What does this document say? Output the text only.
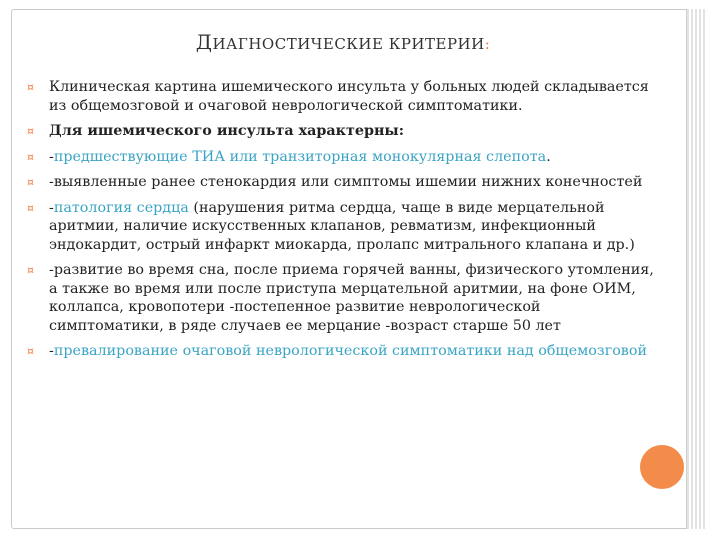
ДИАГНОСТИЧЕСКИЕ КРИТЕРИИ:
¤ Клиническая картина ишемического инсульта у больных людей складывается из общемозговой и очаговой неврологической симптоматики.
¤ Для ишемического инсульта характерны:
¤ -предшествующие ТИА или транзиторная монокулярная слепота.
¤ -выявленные ранее стенокардия или симптомы ишемии нижних конечностей
¤ -патология сердца (нарушения ритма сердца, чаще в виде мерцательной аритмии, наличие искусственных клапанов, ревматизм, инфекционный эндокардит, острый инфаркт миокарда, пролапс митрального клапана и др.)
¤ -развитие во время сна, после приема горячей ванны, физического утомления, а также во время или после приступа мерцательной аритмии, на фоне ОИМ, коллапса, кровопотери -постепенное развитие неврологической симптоматики, в ряде случаев ее мерцание -возраст старше 50 лет
¤ -превалирование очаговой неврологической симптоматики над общемозговой
